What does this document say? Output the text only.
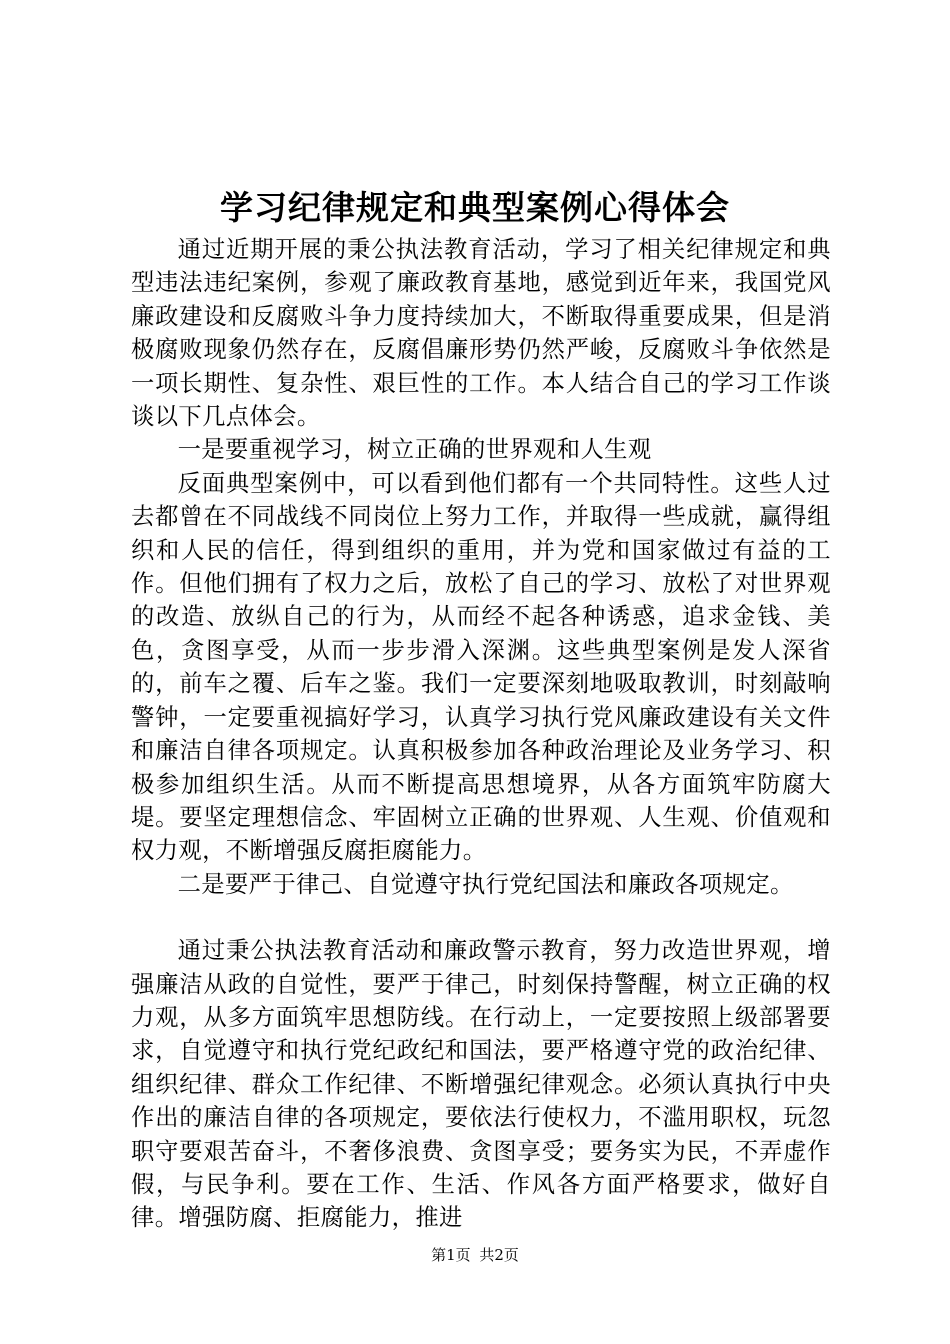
学习纪律规定和典型案例心得体会

通过近期开展的秉公执法教育活动，学习了相关纪律规定和典型违法违纪案例，参观了廉政教育基地，感觉到近年来，我国党风廉政建设和反腐败斗争力度持续加大，不断取得重要成果，但是消极腐败现象仍然存在，反腐倡廉形势仍然严峻，反腐败斗争依然是一项长期性、复杂性、艰巨性的工作。本人结合自己的学习工作谈谈以下几点体会。

一是要重视学习，树立正确的世界观和人生观

反面典型案例中，可以看到他们都有一个共同特性。这些人过去都曾在不同战线不同岗位上努力工作，并取得一些成就，赢得组织和人民的信任，得到组织的重用，并为党和国家做过有益的工作。但他们拥有了权力之后，放松了自己的学习、放松了对世界观的改造、放纵自己的行为，从而经不起各种诱惑，追求金钱、美色，贪图享受，从而一步步滑入深渊。这些典型案例是发人深省的，前车之覆、后车之鉴。我们一定要深刻地吸取教训，时刻敲响警钟，一定要重视搞好学习，认真学习执行党风廉政建设有关文件和廉洁自律各项规定。认真积极参加各种政治理论及业务学习、积极参加组织生活。从而不断提高思想境界，从各方面筑牢防腐大堤。要坚定理想信念、牢固树立正确的世界观、人生观、价值观和权力观，不断增强反腐拒腐能力。

二是要严于律己、自觉遵守执行党纪国法和廉政各项规定。

通过秉公执法教育活动和廉政警示教育，努力改造世界观，增强廉洁从政的自觉性，要严于律己，时刻保持警醒，树立正确的权力观，从多方面筑牢思想防线。在行动上，一定要按照上级部署要求，自觉遵守和执行党纪政纪和国法，要严格遵守党的政治纪律、组织纪律、群众工作纪律、不断增强纪律观念。必须认真执行中央作出的廉洁自律的各项规定，要依法行使权力，不滥用职权，玩忽职守要艰苦奋斗，不奢侈浪费、贪图享受；要务实为民，不弄虚作假，与民争利。要在工作、生活、作风各方面严格要求，做好自律。增强防腐、拒腐能力，推进

第1页 共2页
